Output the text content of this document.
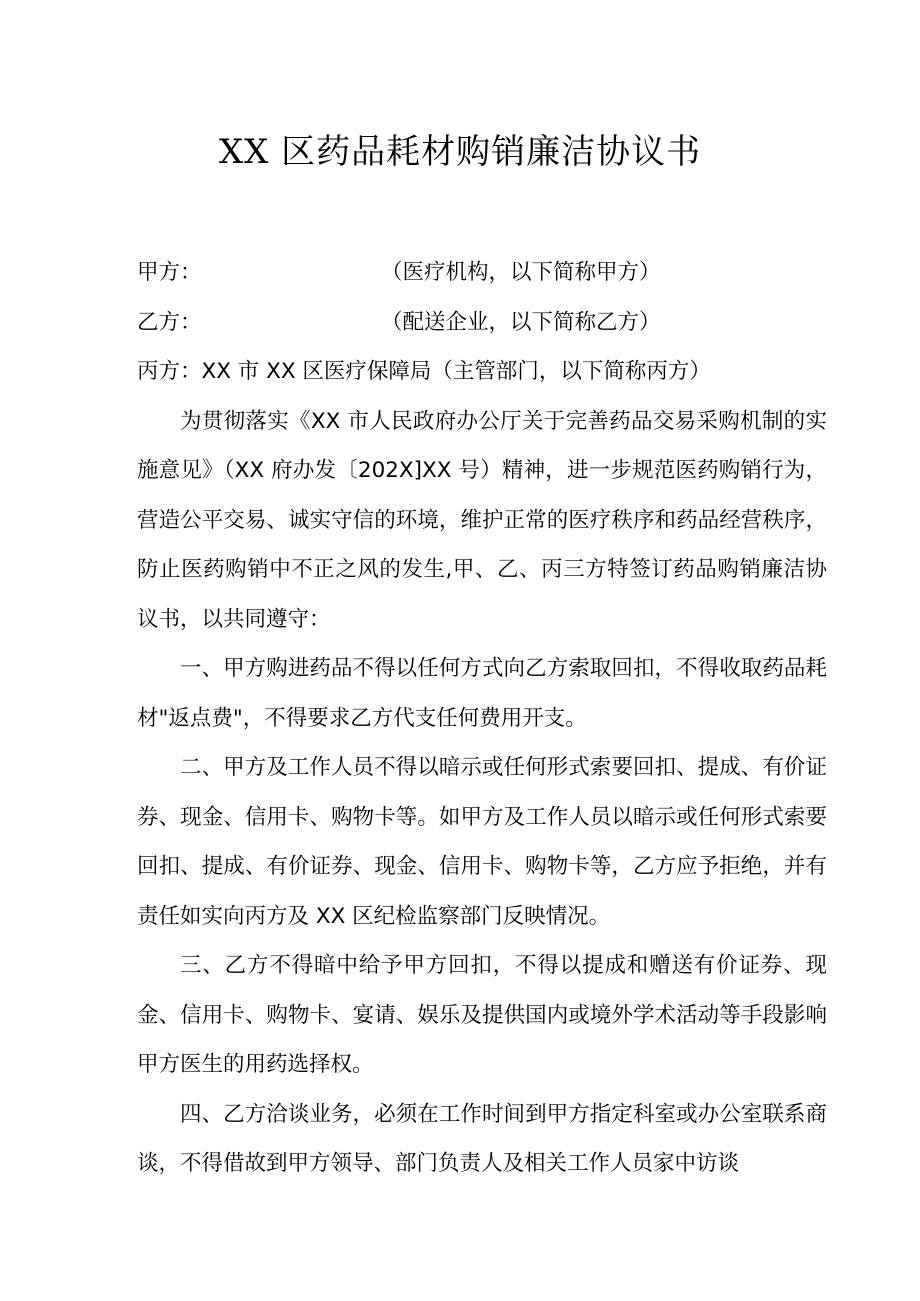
XX 区药品耗材购销廉洁协议书
甲方：	（医疗机构，以下简称甲方）
乙方：	（配送企业，以下简称乙方）
丙方：XX 市 XX 区医疗保障局（主管部门，以下简称丙方）

为贯彻落实《XX 市人民政府办公厅关于完善药品交易采购机制的实施意见》（XX 府办发〔202X]XX 号）精神，进一步规范医药购销行为，营造公平交易、诚实守信的环境，维护正常的医疗秩序和药品经营秩序，防止医药购销中不正之风的发生,甲、乙、丙三方特签订药品购销廉洁协议书，以共同遵守：

一、甲方购进药品不得以任何方式向乙方索取回扣，不得收取药品耗材"返点费"，不得要求乙方代支任何费用开支。

二、甲方及工作人员不得以暗示或任何形式索要回扣、提成、有价证券、现金、信用卡、购物卡等。如甲方及工作人员以暗示或任何形式索要回扣、提成、有价证券、现金、信用卡、购物卡等，乙方应予拒绝，并有责任如实向丙方及 XX 区纪检监察部门反映情况。

三、乙方不得暗中给予甲方回扣，不得以提成和赠送有价证券、现金、信用卡、购物卡、宴请、娱乐及提供国内或境外学术活动等手段影响甲方医生的用药选择权。

四、乙方洽谈业务，必须在工作时间到甲方指定科室或办公室联系商谈，不得借故到甲方领导、部门负责人及相关工作人员家中访谈
